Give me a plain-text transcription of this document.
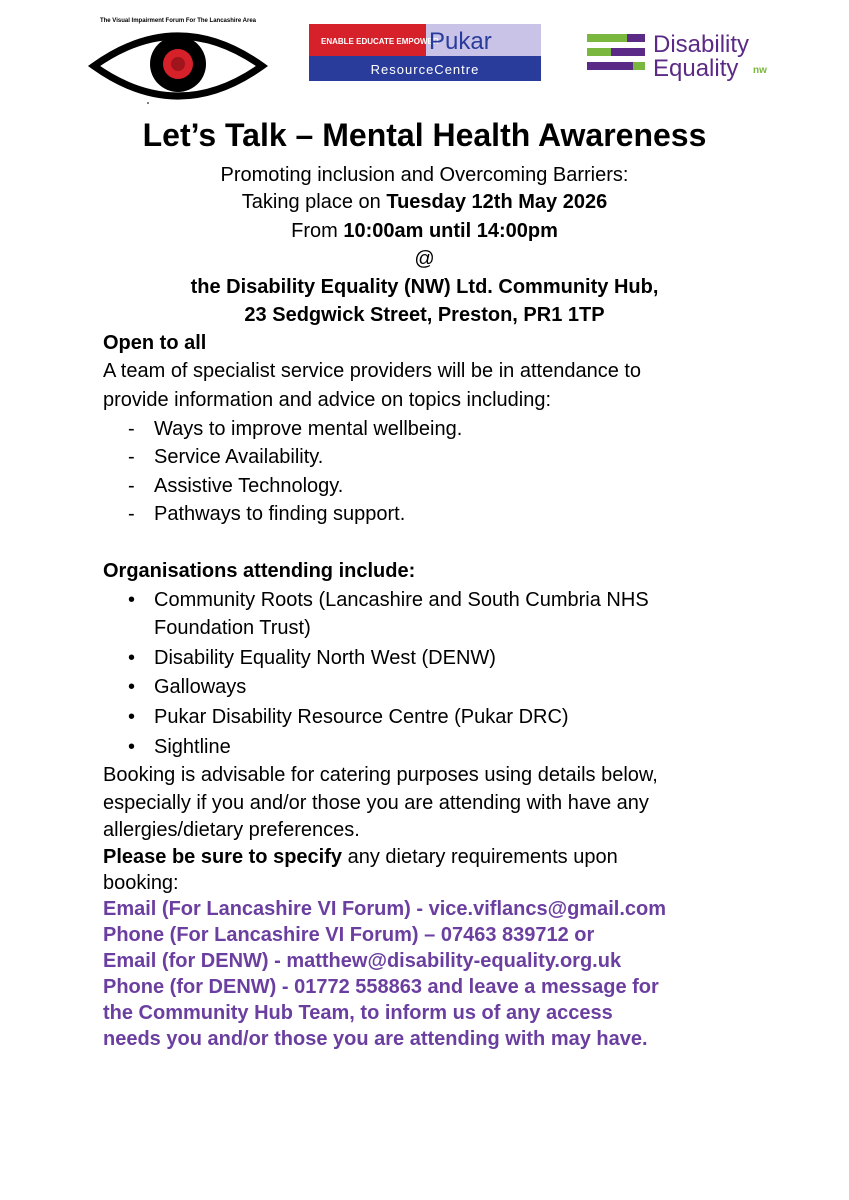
The Visual Impairment Forum For The Lancashire Area
ENABLE EDUCATE EMPOWER
Pukar
ResourceCentre
Disability
Equality nw
Let’s Talk – Mental Health Awareness
Promoting inclusion and Overcoming Barriers:
Taking place on Tuesday 12th May 2026
From 10:00am until 14:00pm
@
the Disability Equality (NW) Ltd. Community Hub,
23 Sedgwick Street, Preston, PR1 1TP
Open to all
A team of specialist service providers will be in attendance to
provide information and advice on topics including:
- Ways to improve mental wellbeing.
- Service Availability.
- Assistive Technology.
- Pathways to finding support.
Organisations attending include:
• Community Roots (Lancashire and South Cumbria NHS
Foundation Trust)
• Disability Equality North West (DENW)
• Galloways
• Pukar Disability Resource Centre (Pukar DRC)
• Sightline
Booking is advisable for catering purposes using details below,
especially if you and/or those you are attending with have any
allergies/dietary preferences.
Please be sure to specify any dietary requirements upon
booking:
Email (For Lancashire VI Forum) - vice.viflancs@gmail.com
Phone (For Lancashire VI Forum) – 07463 839712 or
Email (for DENW) - matthew@disability-equality.org.uk
Phone (for DENW) - 01772 558863 and leave a message for
the Community Hub Team, to inform us of any access
needs you and/or those you are attending with may have.
